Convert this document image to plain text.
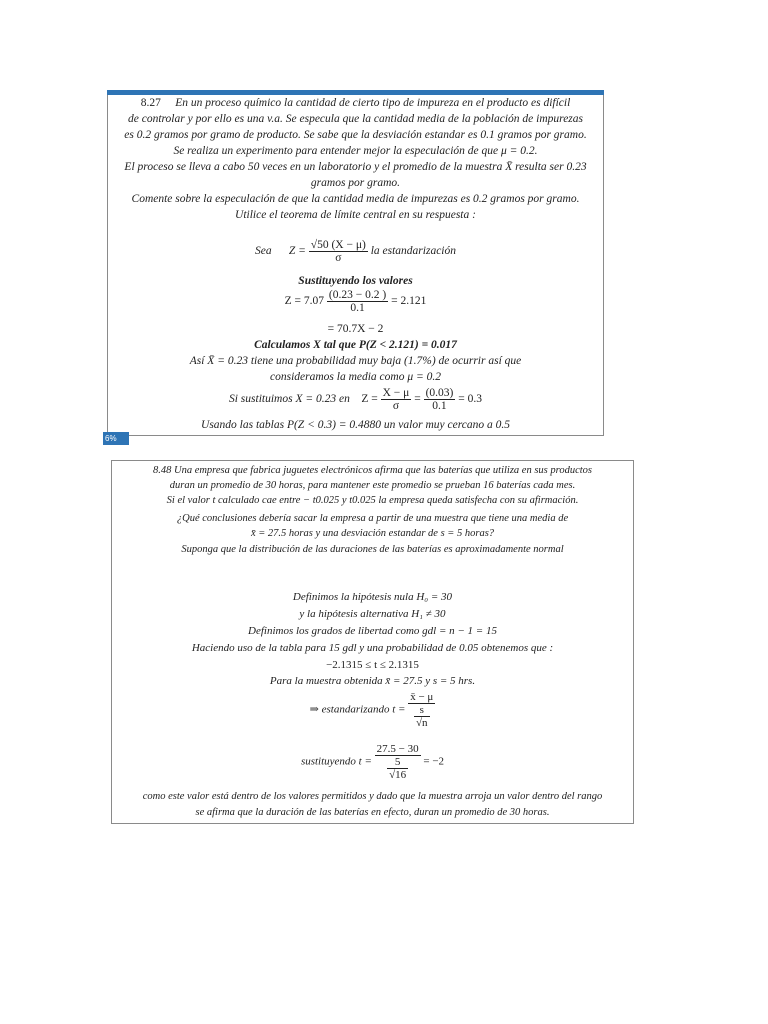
8.27 En un proceso químico la cantidad de cierto tipo de impureza en el producto es difícil
de controlar y por ello es una v.a. Se especula que la cantidad media de la población de impurezas
es 0.2 gramos por gramo de producto. Se sabe que la desviación estandar es 0.1 gramos por gramo.
Se realiza un experimento para entender mejor la especulación de que μ = 0.2.
El proceso se lleva a cabo 50 veces en un laboratorio y el promedio de la muestra X̄ resulta ser 0.23
gramos por gramo.
Comente sobre la especulación de que la cantidad media de impurezas es 0.2 gramos por gramo.
Utilice el teorema de límite central en su respuesta :
Sea $Z = \frac{√50 (X - \mu)}{\sigma}$ la estandarización
Sustituyendo los valores
$Z = 7.07 \frac{(0.23 - 0.2 )}{0.1} = 2.121$
= 70.7X − 2
Calculamos X tal que P(Z < 2.121) = 0.017
Así X̄ = 0.23 tiene una probabilidad muy baja (1.7%) de ocurrir así que
consideramos la media como μ = 0.2
Si sustituimos X = 0.23 en $Z = \frac{X - \mu}{\sigma} = \frac{(0.03)}{0.1} = 0.3$
Usando las tablas P(Z < 0.3) = 0.4880 un valor muy cercano a 0.5
6%
8.48 Una empresa que fabrica juguetes electrónicos afirma que las baterías que utiliza en sus productos
duran un promedio de 30 horas, para mantener este promedio se prueban 16 baterías cada mes.
Si el valor t calculado cae entre − t0.025 y t0.025 la empresa queda satisfecha con su afirmación.
¿Qué conclusiones debería sacar la empresa a partir de una muestra que tiene una media de
x̄ = 27.5 horas y una desviación estandar de s = 5 horas?
Suponga que la distribución de las duraciones de las baterías es aproximadamente normal
Definimos la hipótesis nula H₀ = 30
y la hipótesis alternativa H₁ ≠ 30
Definimos los grados de libertad como gdl = n − 1 = 15
Haciendo uso de la tabla para 15 gdl y una probabilidad de 0.05 obtenemos que :
−2.1315 ≤ t ≤ 2.1315
Para la muestra obtenida x̄ = 27.5 y s = 5 hrs.
⇒ estandarizando $t = \frac{x̄ - \mu}{\frac{s}{√n}}$
sustituyendo $t = \frac{27.5 - 30}{\frac{5}{√16}} = -2$
como este valor está dentro de los valores permitidos y dado que la muestra arroja un valor dentro del rango
se afirma que la duración de las baterías en efecto, duran un promedio de 30 horas.
